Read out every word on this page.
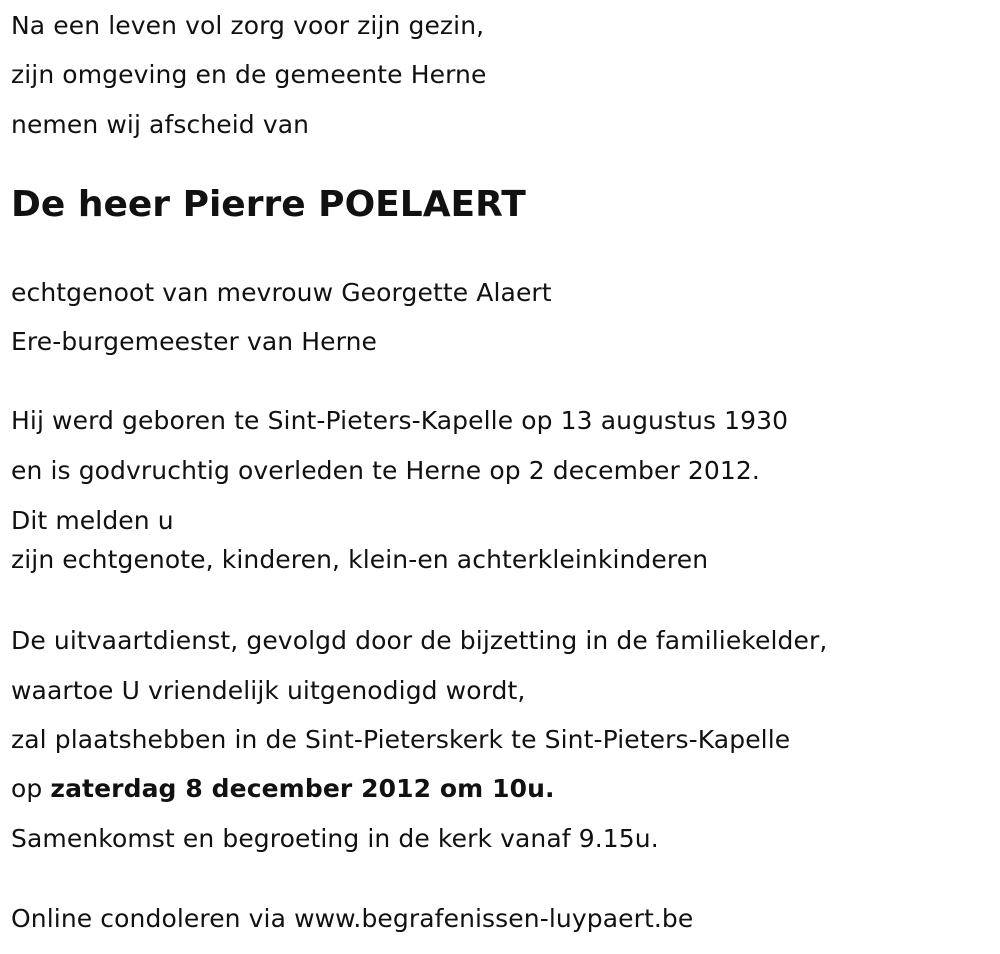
Na een leven vol zorg voor zijn gezin,
zijn omgeving en de gemeente Herne
nemen wij afscheid van
De heer Pierre POELAERT
echtgenoot van mevrouw Georgette Alaert
Ere-burgemeester van Herne
Hij werd geboren te Sint-Pieters-Kapelle op 13 augustus 1930
en is godvruchtig overleden te Herne op 2 december 2012.
Dit melden u
zijn echtgenote, kinderen, klein-en achterkleinkinderen
De uitvaartdienst, gevolgd door de bijzetting in de familiekelder,
waartoe U vriendelijk uitgenodigd wordt,
zal plaatshebben in de Sint-Pieterskerk te Sint-Pieters-Kapelle
op zaterdag 8 december 2012 om 10u.
Samenkomst en begroeting in de kerk vanaf 9.15u.
Online condoleren via www.begrafenissen-luypaert.be
